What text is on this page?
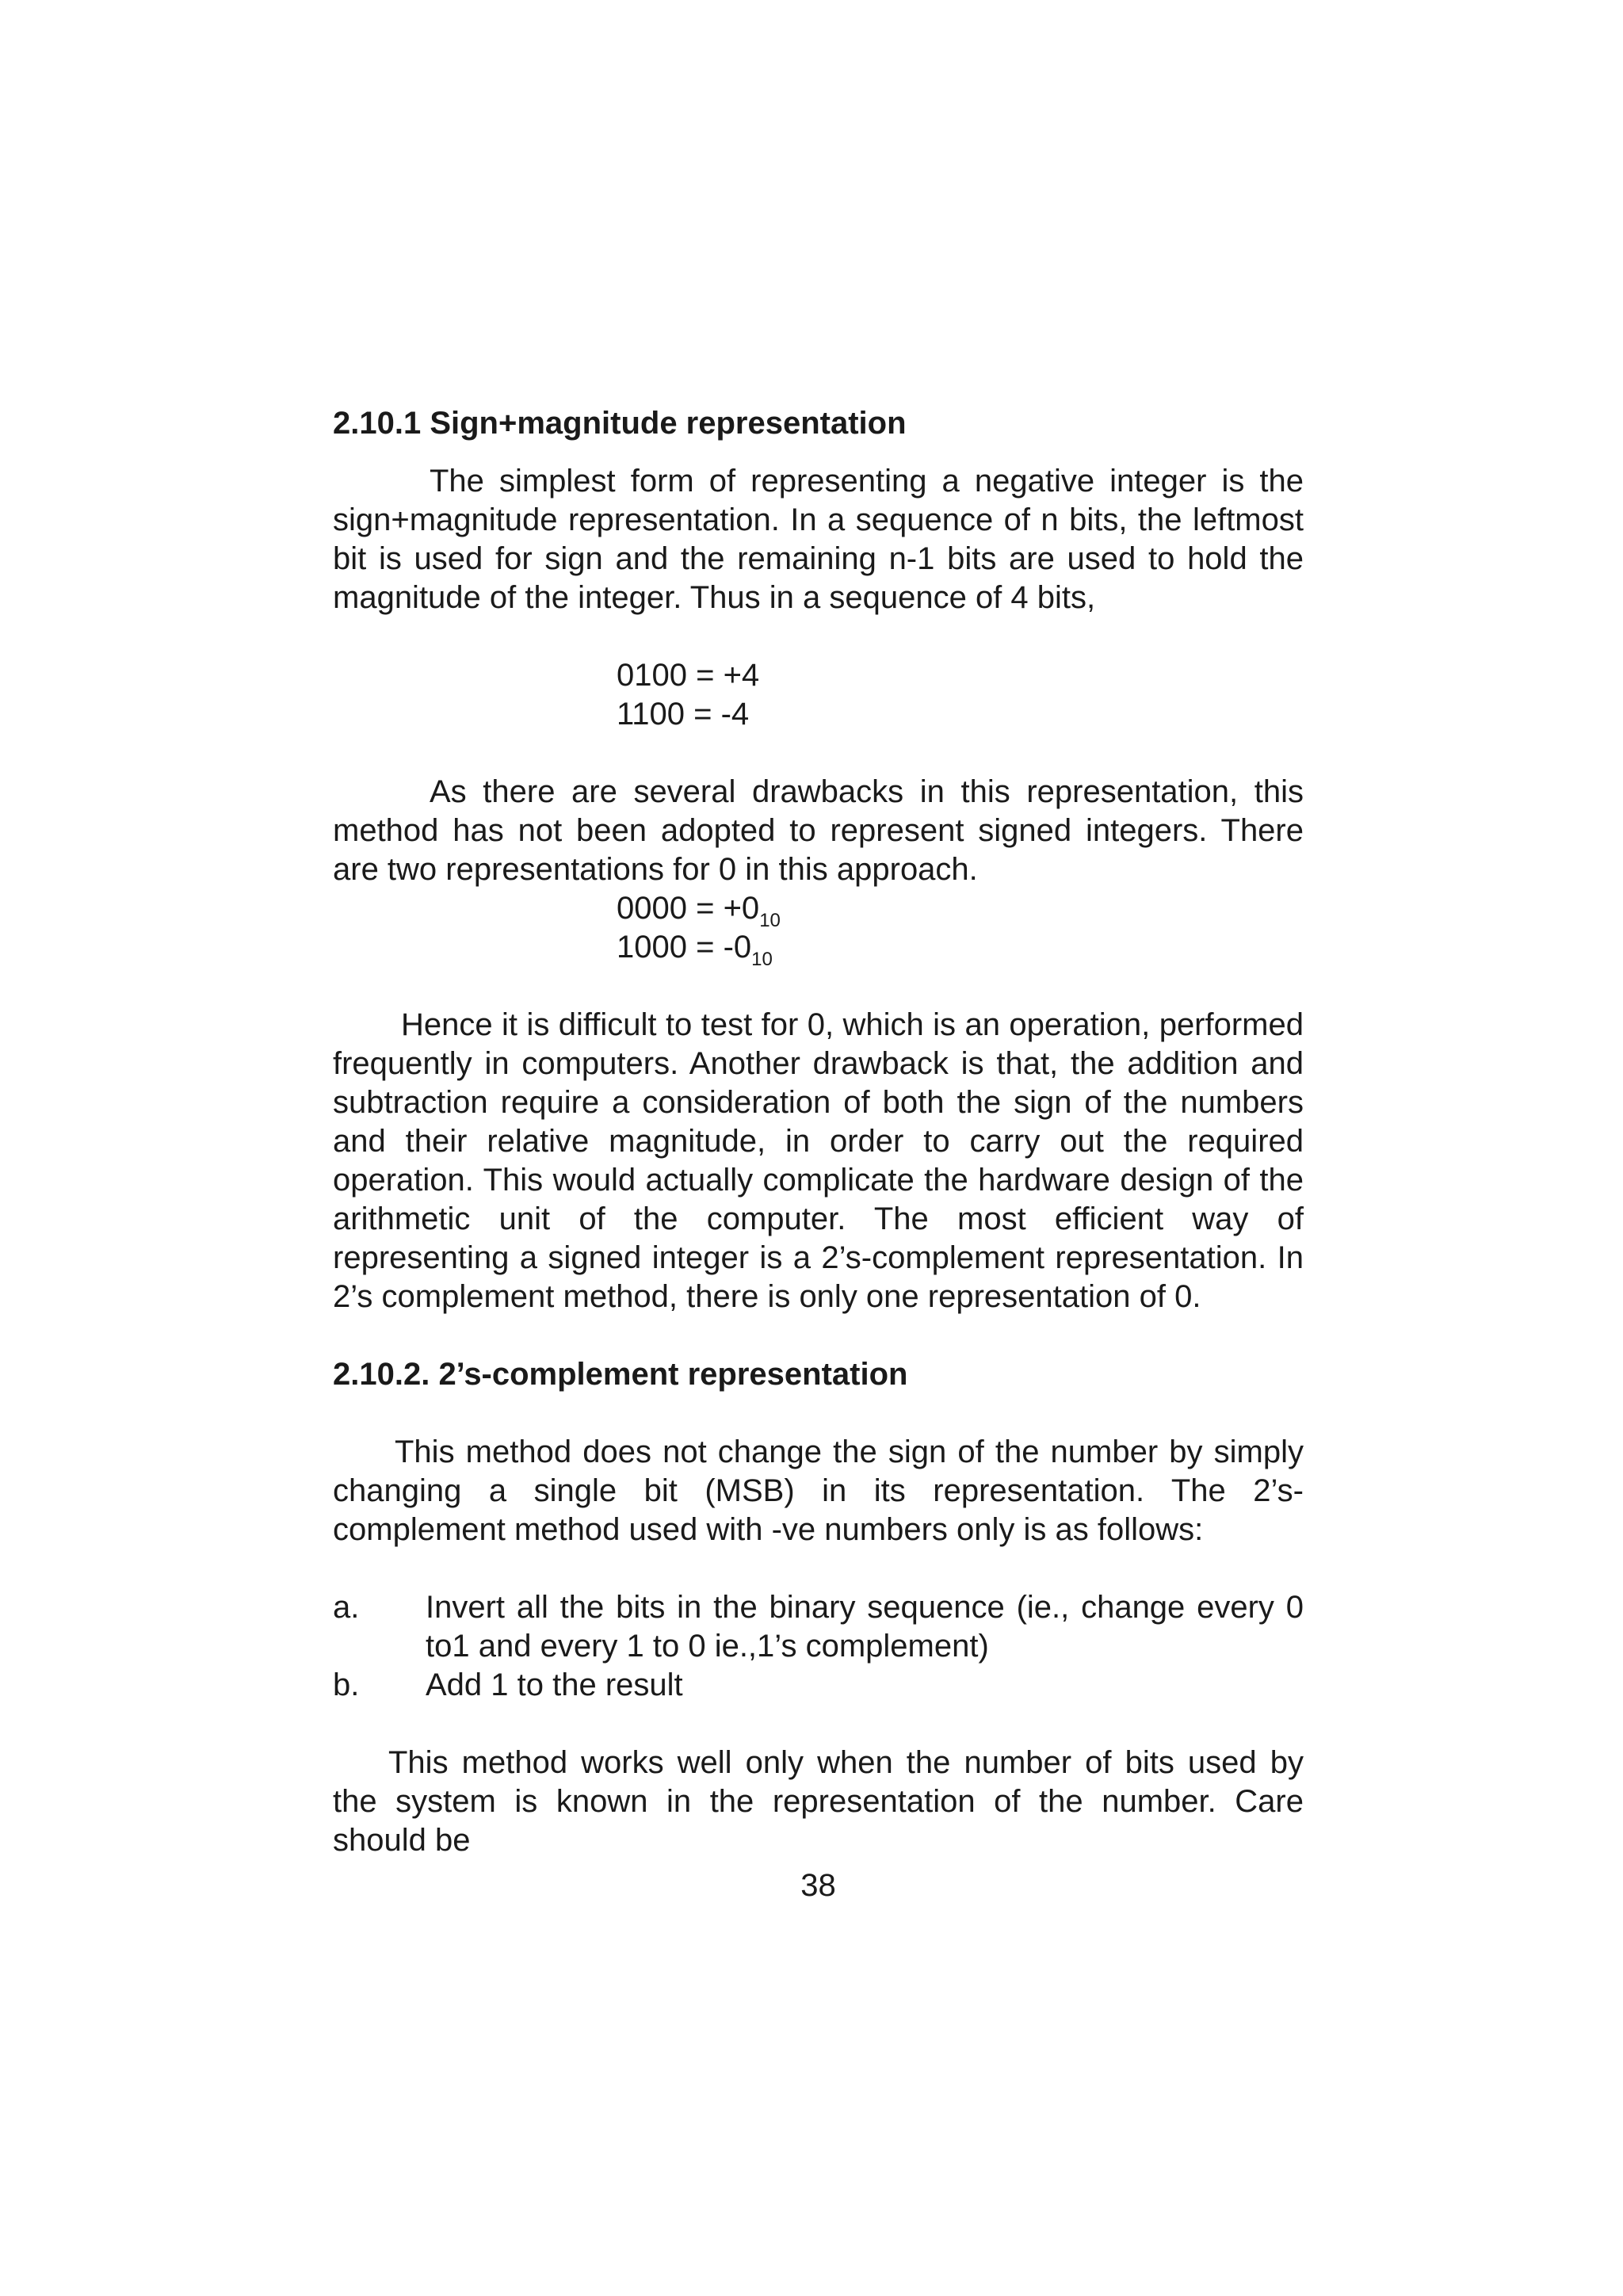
2.10.1 Sign+magnitude representation

The simplest form of representing a negative integer is the sign+magnitude representation. In a sequence of n bits, the leftmost bit is used for sign and the remaining n-1 bits are used to hold the magnitude of the integer. Thus in a sequence of 4 bits,

0100 = +4
1100 = -4

As there are several drawbacks in this representation, this method has not been adopted to represent signed integers. There are two representations for 0 in this approach.

$0000 = +0_{10}$
$1000 = -0_{10}$

Hence it is difficult to test for 0, which is an operation, performed frequently in computers. Another drawback is that, the addition and subtraction require a consideration of both the sign of the numbers and their relative magnitude, in order to carry out the required operation. This would actually complicate the hardware design of the arithmetic unit of the computer. The most efficient way of representing a signed integer is a 2’s-complement representation. In 2’s complement method, there is only one representation of 0.

2.10.2. 2’s-complement representation

This method does not change the sign of the number by simply changing a single bit (MSB) in its representation. The 2’s-complement method used with -ve numbers only is as follows:

a.	Invert all the bits in the binary sequence (ie., change every 0 to1 and every 1 to 0 ie.,1’s complement)
b.	Add 1 to the result

This method works well only when the number of bits used by the system is known in the representation of the number. Care should be

38
